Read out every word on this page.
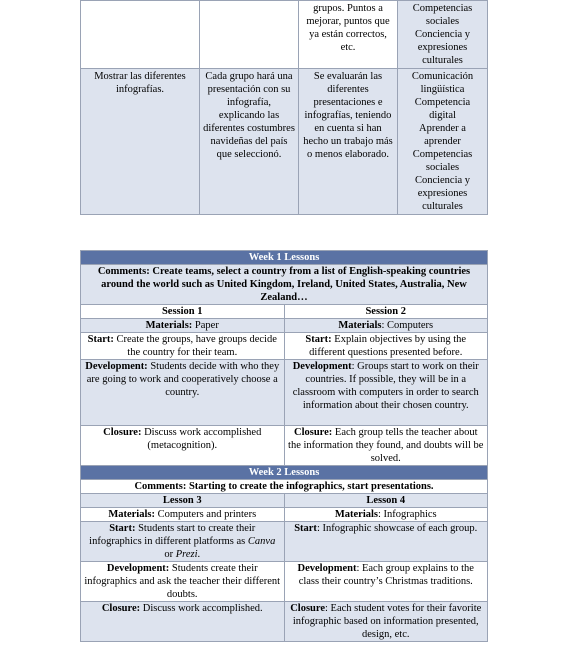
		grupos. Puntos a mejorar, puntos que ya están correctos, etc.	Competencias sociales
Conciencia y expresiones culturales
Mostrar las diferentes infografías.	Cada grupo hará una presentación con su infografía, explicando las diferentes costumbres navideñas del país que seleccionó.	Se evaluarán las diferentes presentaciones e infografías, teniendo en cuenta si han hecho un trabajo más o menos elaborado.	Comunicación lingüística
Competencia digital
Aprender a aprender
Competencias sociales
Conciencia y expresiones culturales
Week 1 Lessons	
Comments: Create teams, select a country from a list of English-speaking countries around the world such as United Kingdom, Ireland, United States, Australia, New Zealand…	
Session 1	Session 2
Materials: Paper	Materials: Computers
Start: Create the groups, have groups decide the country for their team.	Start: Explain objectives by using the different questions presented before.
Development: Students decide with who they are going to work and cooperatively choose a country.	Development: Groups start to work on their countries. If possible, they will be in a classroom with computers in order to search information about their chosen country.
Closure: Discuss work accomplished (metacognition).	Closure: Each group tells the teacher about the information they found, and doubts will be solved.
Week 2 Lessons	
Comments: Starting to create the infographics, start presentations.	
Lesson 3	Lesson 4
Materials: Computers and printers	Materials: Infographics
Start: Students start to create their infographics in different platforms as Canva or Prezi.	Start: Infographic showcase of each group.
Development: Students create their infographics and ask the teacher their different doubts.	Development: Each group explains to the class their country’s Christmas traditions.
Closure: Discuss work accomplished.	Closure: Each student votes for their favorite infographic based on information presented, design, etc.
